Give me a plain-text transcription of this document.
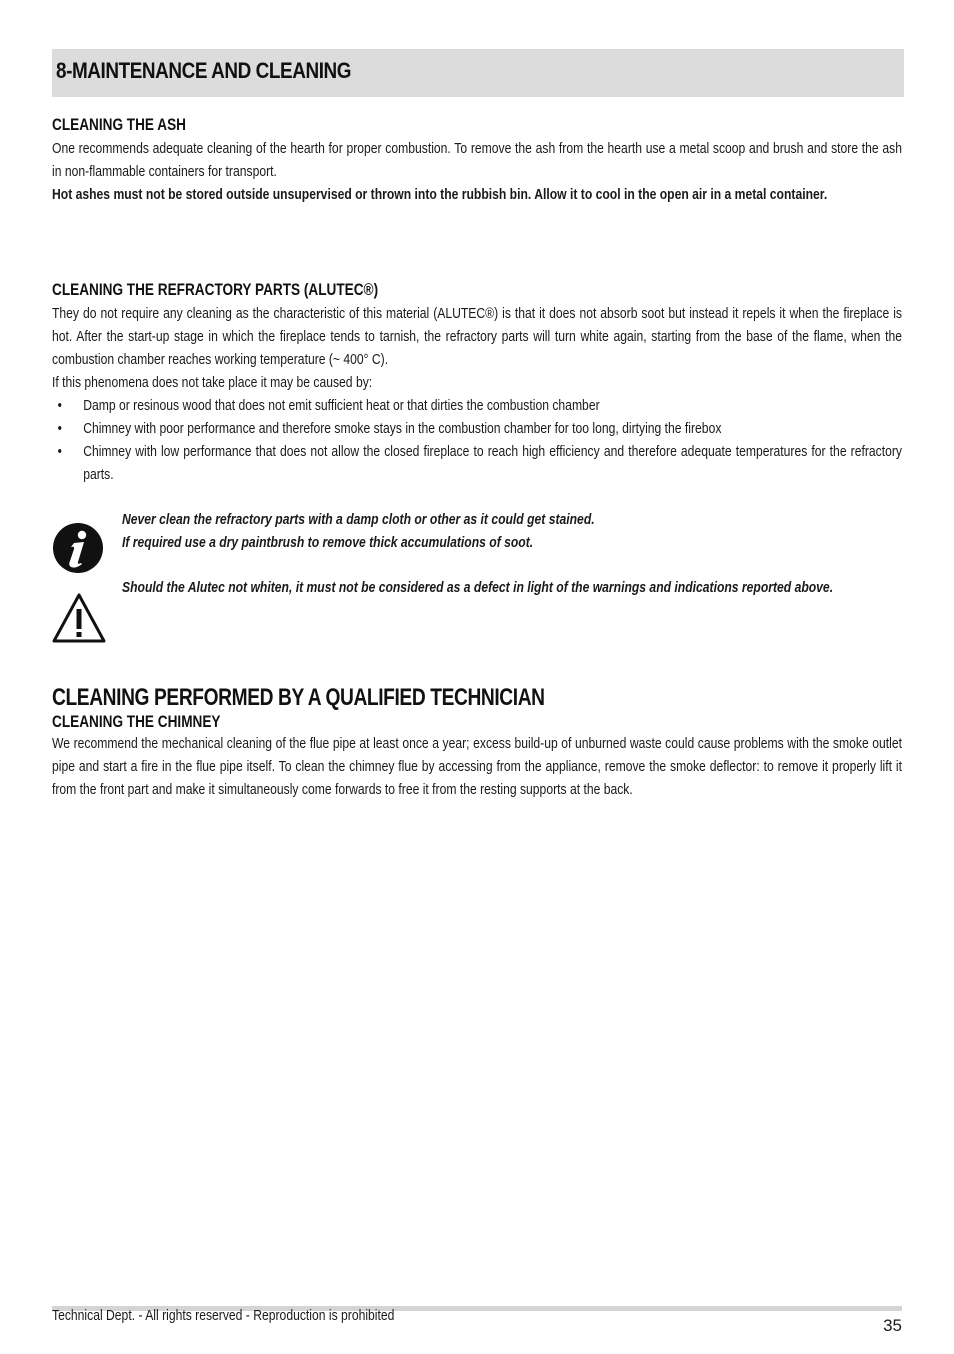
8-MAINTENANCE AND CLEANING
CLEANING THE ASH

One recommends adequate cleaning of the hearth for proper combustion. To remove the ash from the hearth use a metal scoop and brush and store the ash in non-flammable containers for transport.

Hot ashes must not be stored outside unsupervised or thrown into the rubbish bin. Allow it to cool in the open air in a metal container.

CLEANING THE REFRACTORY PARTS (ALUTEC®)

They do not require any cleaning as the characteristic of this material (ALUTEC®) is that it does not absorb soot but instead it repels it when the fireplace is hot. After the start-up stage in which the fireplace tends to tarnish, the refractory parts will turn white again, starting from the base of the flame, when the combustion chamber reaches working temperature (~ 400° C).

If this phenomena does not take place it may be caused by:

• Damp or resinous wood that does not emit sufficient heat or that dirties the combustion chamber
• Chimney with poor performance and therefore smoke stays in the combustion chamber for too long, dirtying the firebox
• Chimney with low performance that does not allow the closed fireplace to reach high efficiency and therefore adequate temperatures for the refractory parts.

Never clean the refractory parts with a damp cloth or other as it could get stained.

If required use a dry paintbrush to remove thick accumulations of soot.

Should the Alutec not whiten, it must not be considered as a defect in light of the warnings and indications reported above.

CLEANING PERFORMED BY A QUALIFIED TECHNICIAN
CLEANING THE CHIMNEY

We recommend the mechanical cleaning of the flue pipe at least once a year; excess build-up of unburned waste could cause problems with the smoke outlet pipe and start a fire in the flue pipe itself. To clean the chimney flue by accessing from the appliance, remove the smoke deflector: to remove it properly lift it from the front part and make it simultaneously come forwards to free it from the resting supports at the back.

Technical Dept. - All rights reserved - Reproduction is prohibited
35
